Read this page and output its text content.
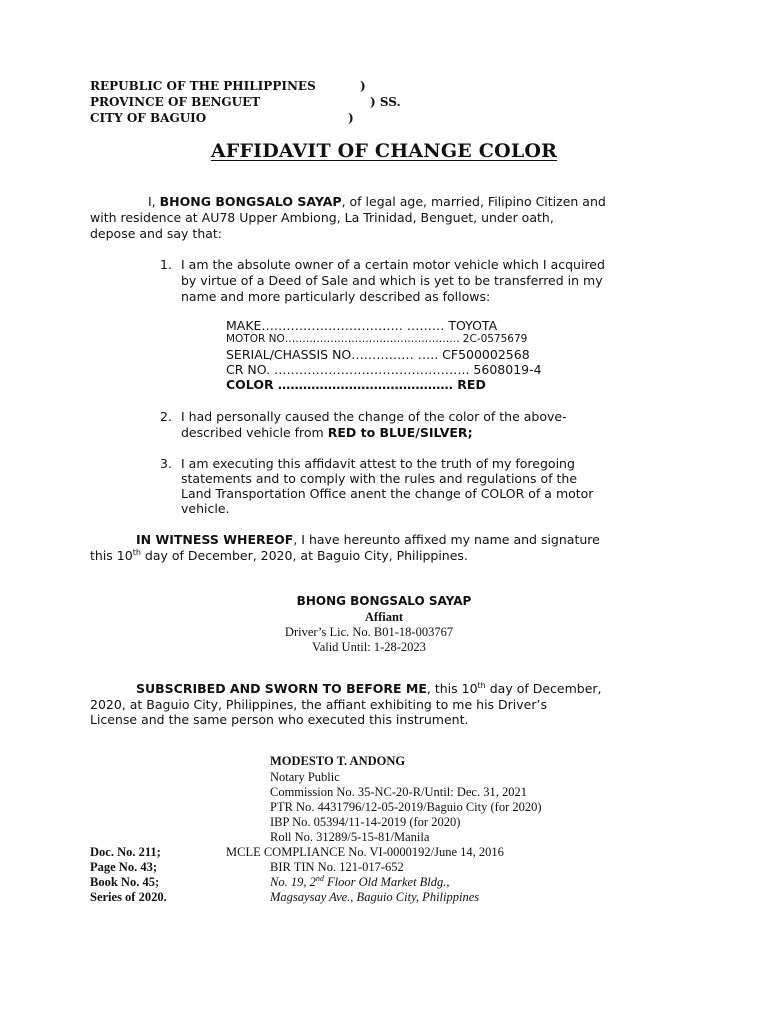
REPUBLIC OF THE PHILIPPINES	)
PROVINCE OF BENGUET	) SS.
CITY OF BAGUIO	)
AFFIDAVIT OF CHANGE COLOR
I, BHONG BONGSALO SAYAP, of legal age, married, Filipino Citizen and
with residence at AU78 Upper Ambiong, La Trinidad, Benguet, under oath,
depose and say that:
1. I am the absolute owner of a certain motor vehicle which I acquired
by virtue of a Deed of Sale and which is yet to be transferred in my
name and more particularly described as follows:
MAKE……………………………. ……… TOYOTA
MOTOR NO………………………………………….. 2C-0575679
SERIAL/CHASSIS NO…………… ….. CF500002568
CR NO. ……………………………………….. 5608019-4
COLOR …………………………………… RED
2. I had personally caused the change of the color of the above-
described vehicle from RED to BLUE/SILVER;
3. I am executing this affidavit attest to the truth of my foregoing
statements and to comply with the rules and regulations of the
Land Transportation Office anent the change of COLOR of a motor
vehicle.
IN WITNESS WHEREOF, I have hereunto affixed my name and signature
this 10th day of December, 2020, at Baguio City, Philippines.
BHONG BONGSALO SAYAP
Affiant
Driver’s Lic. No. B01-18-003767
Valid Until: 1-28-2023
SUBSCRIBED AND SWORN TO BEFORE ME, this 10th day of December,
2020, at Baguio City, Philippines, the affiant exhibiting to me his Driver’s
License and the same person who executed this instrument.
MODESTO T. ANDONG
Notary Public
Commission No. 35-NC-20-R/Until: Dec. 31, 2021
PTR No. 4431796/12-05-2019/Baguio City (for 2020)
IBP No. 05394/11-14-2019 (for 2020)
Roll No. 31289/5-15-81/Manila
MCLE COMPLIANCE No. VI-0000192/June 14, 2016
BIR TIN No. 121-017-652
No. 19, 2nd Floor Old Market Bldg.,
Magsaysay Ave., Baguio City, Philippines
Doc. No. 211;
Page No. 43;
Book No. 45;
Series of 2020.
